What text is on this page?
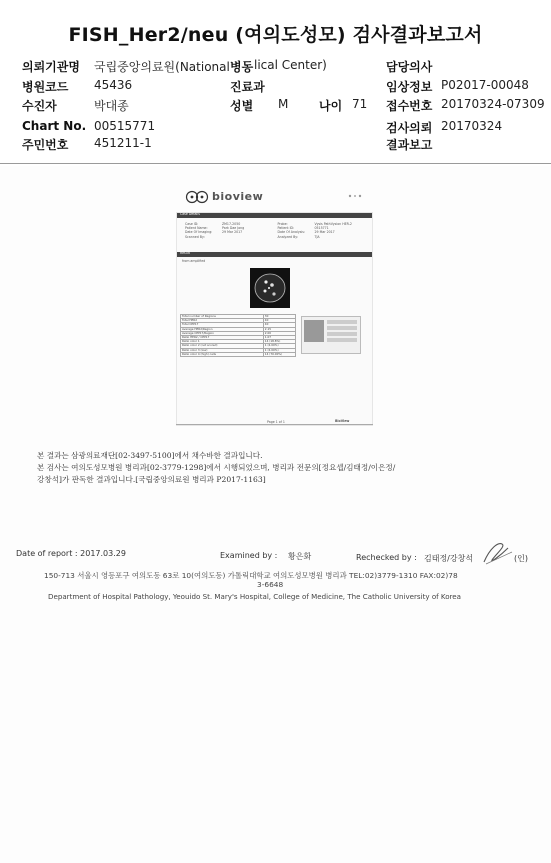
FISH_Her2/neu (여의도성모) 검사결과보고서
의뢰기관명 국립중앙의료원(National 병동 lical Center)	담당의사
병원코드 45436	진료과	임상정보 P02017-00048
수진자	박대종	성별 M	나이 71 접수번호 20170324-07309
Chart No. 00515771	검사의뢰 20170324
주민번호 451211-1	결과보고
bioview
Case Details
Case ID:	ZM17-2050	Probe:	Vysis PathVysion HER-2
Patient Name:	Park Dae Jong	Patient ID:	0515771
Date Of Imaging:	29 Mar 2017	Date Of Analysis:	29 Mar 2017
Scanned By:		Analyzed By:	TJA
Result
from amplified
Total number of Regions	30
Total HER2	40
Total CEP17	40
Average HER2/Region	2.15
Average CEP17/Region	2.00
Ratio HER2 / CEP17	1.07
Ratio color 1	14 (18.8%)
Ratio color 2 (not scored)	1 (4.00%)
Ratio color 3 (low)	1 (4.00%)
Ratio color 4 (high) cells	14 (70.00%)
Page 1 of 1	BioView
본 결과는 삼광의료재단[02-3497-5100]에서 채수바한 결과입니다.
본 검사는 여의도성모병원 병리과[02-3779-1298]에서 시행되었으며, 병리과 전문의[정요셉/김태정/이은정/
강창석]가 판독한 결과입니다.[국립중앙의료원 병리과 P2017-1163]
Date of report : 2017.03.29	Examined by : 황은화	Rechecked by : 김태정/강창석	(인)
150-713 서울시 영등포구 여의도동 63로 10(여의도동) 가톨릭대학교 여의도성모병원 병리과 TEL:02)3779-1310 FAX:02)78
3-6648
Department of Hospital Pathology, Yeouido St. Mary's Hospital, College of Medicine, The Catholic University of Korea
